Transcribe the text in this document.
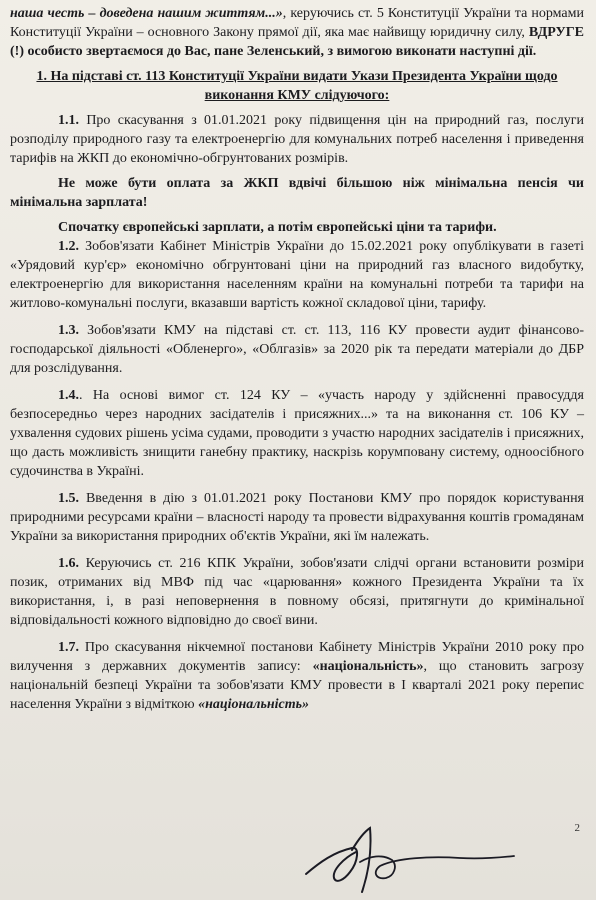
наша честь – доведена нашим життям...», керуючись ст. 5 Конституції України та нормами Конституції України – основного Закону прямої дії, яка має найвищу юридичну силу, ВДРУГЕ (!) особисто звертаємося до Вас, пане Зеленський, з вимогою виконати наступні дії.

1. На підставі ст. 113 Конституції України видати Укази Президента України щодо виконання КМУ слідуючого:

1.1. Про скасування з 01.01.2021 року підвищення цін на природний газ, послуги розподілу природного газу та електроенергію для комунальних потреб населення і приведення тарифів на ЖКП до економічно-обгрунтованих розмірів.

Не може бути оплата за ЖКП вдвічі більшою ніж мінімальна пенсія чи мінімальна зарплата!

Спочатку європейські зарплати, а потім європейські ціни та тарифи.

1.2. Зобов'язати Кабінет Міністрів України до 15.02.2021 року опублікувати в газеті «Урядовий кур'єр» економічно обгрунтовані ціни на природний газ власного видобутку, електроенергію для використання населенням країни на комунальні потреби та тарифи на житлово-комунальні послуги, вказавши вартість кожної складової ціни, тарифу.

1.3. Зобов'язати КМУ на підставі ст. ст. 113, 116 КУ провести аудит фінансово-господарської діяльності «Обленерго», «Облгазів» за 2020 рік та передати матеріали до ДБР для розслідування.

1.4.. На основі вимог ст. 124 КУ – «участь народу у здійсненні правосуддя безпосередньо через народних засідателів і присяжних...» та на виконання ст. 106 КУ – ухвалення судових рішень усіма судами, проводити з участю народних засідателів і присяжних, що дасть можливість знищити ганебну практику, наскрізь корумповану систему, одноосібного судочинства в Україні.

1.5. Введення в дію з 01.01.2021 року Постанови КМУ про порядок користування природними ресурсами країни – власності народу та провести відрахування коштів громадянам України за використання природних об'єктів України, які їм належать.

1.6. Керуючись ст. 216 КПК України, зобов'язати слідчі органи встановити розміри позик, отриманих від МВФ під час «царювання» кожного Президента України та їх використання, і, в разі неповернення в повному обсязі, притягнути до кримінальної відповідальності кожного відповідно до своєї вини.

1.7. Про скасування нікчемної постанови Кабінету Міністрів України 2010 року про вилучення з державних документів запису: «національність», що становить загрозу національній безпеці України та зобов'язати КМУ провести в I кварталі 2021 року перепис населення України з відміткою «національність»

2
